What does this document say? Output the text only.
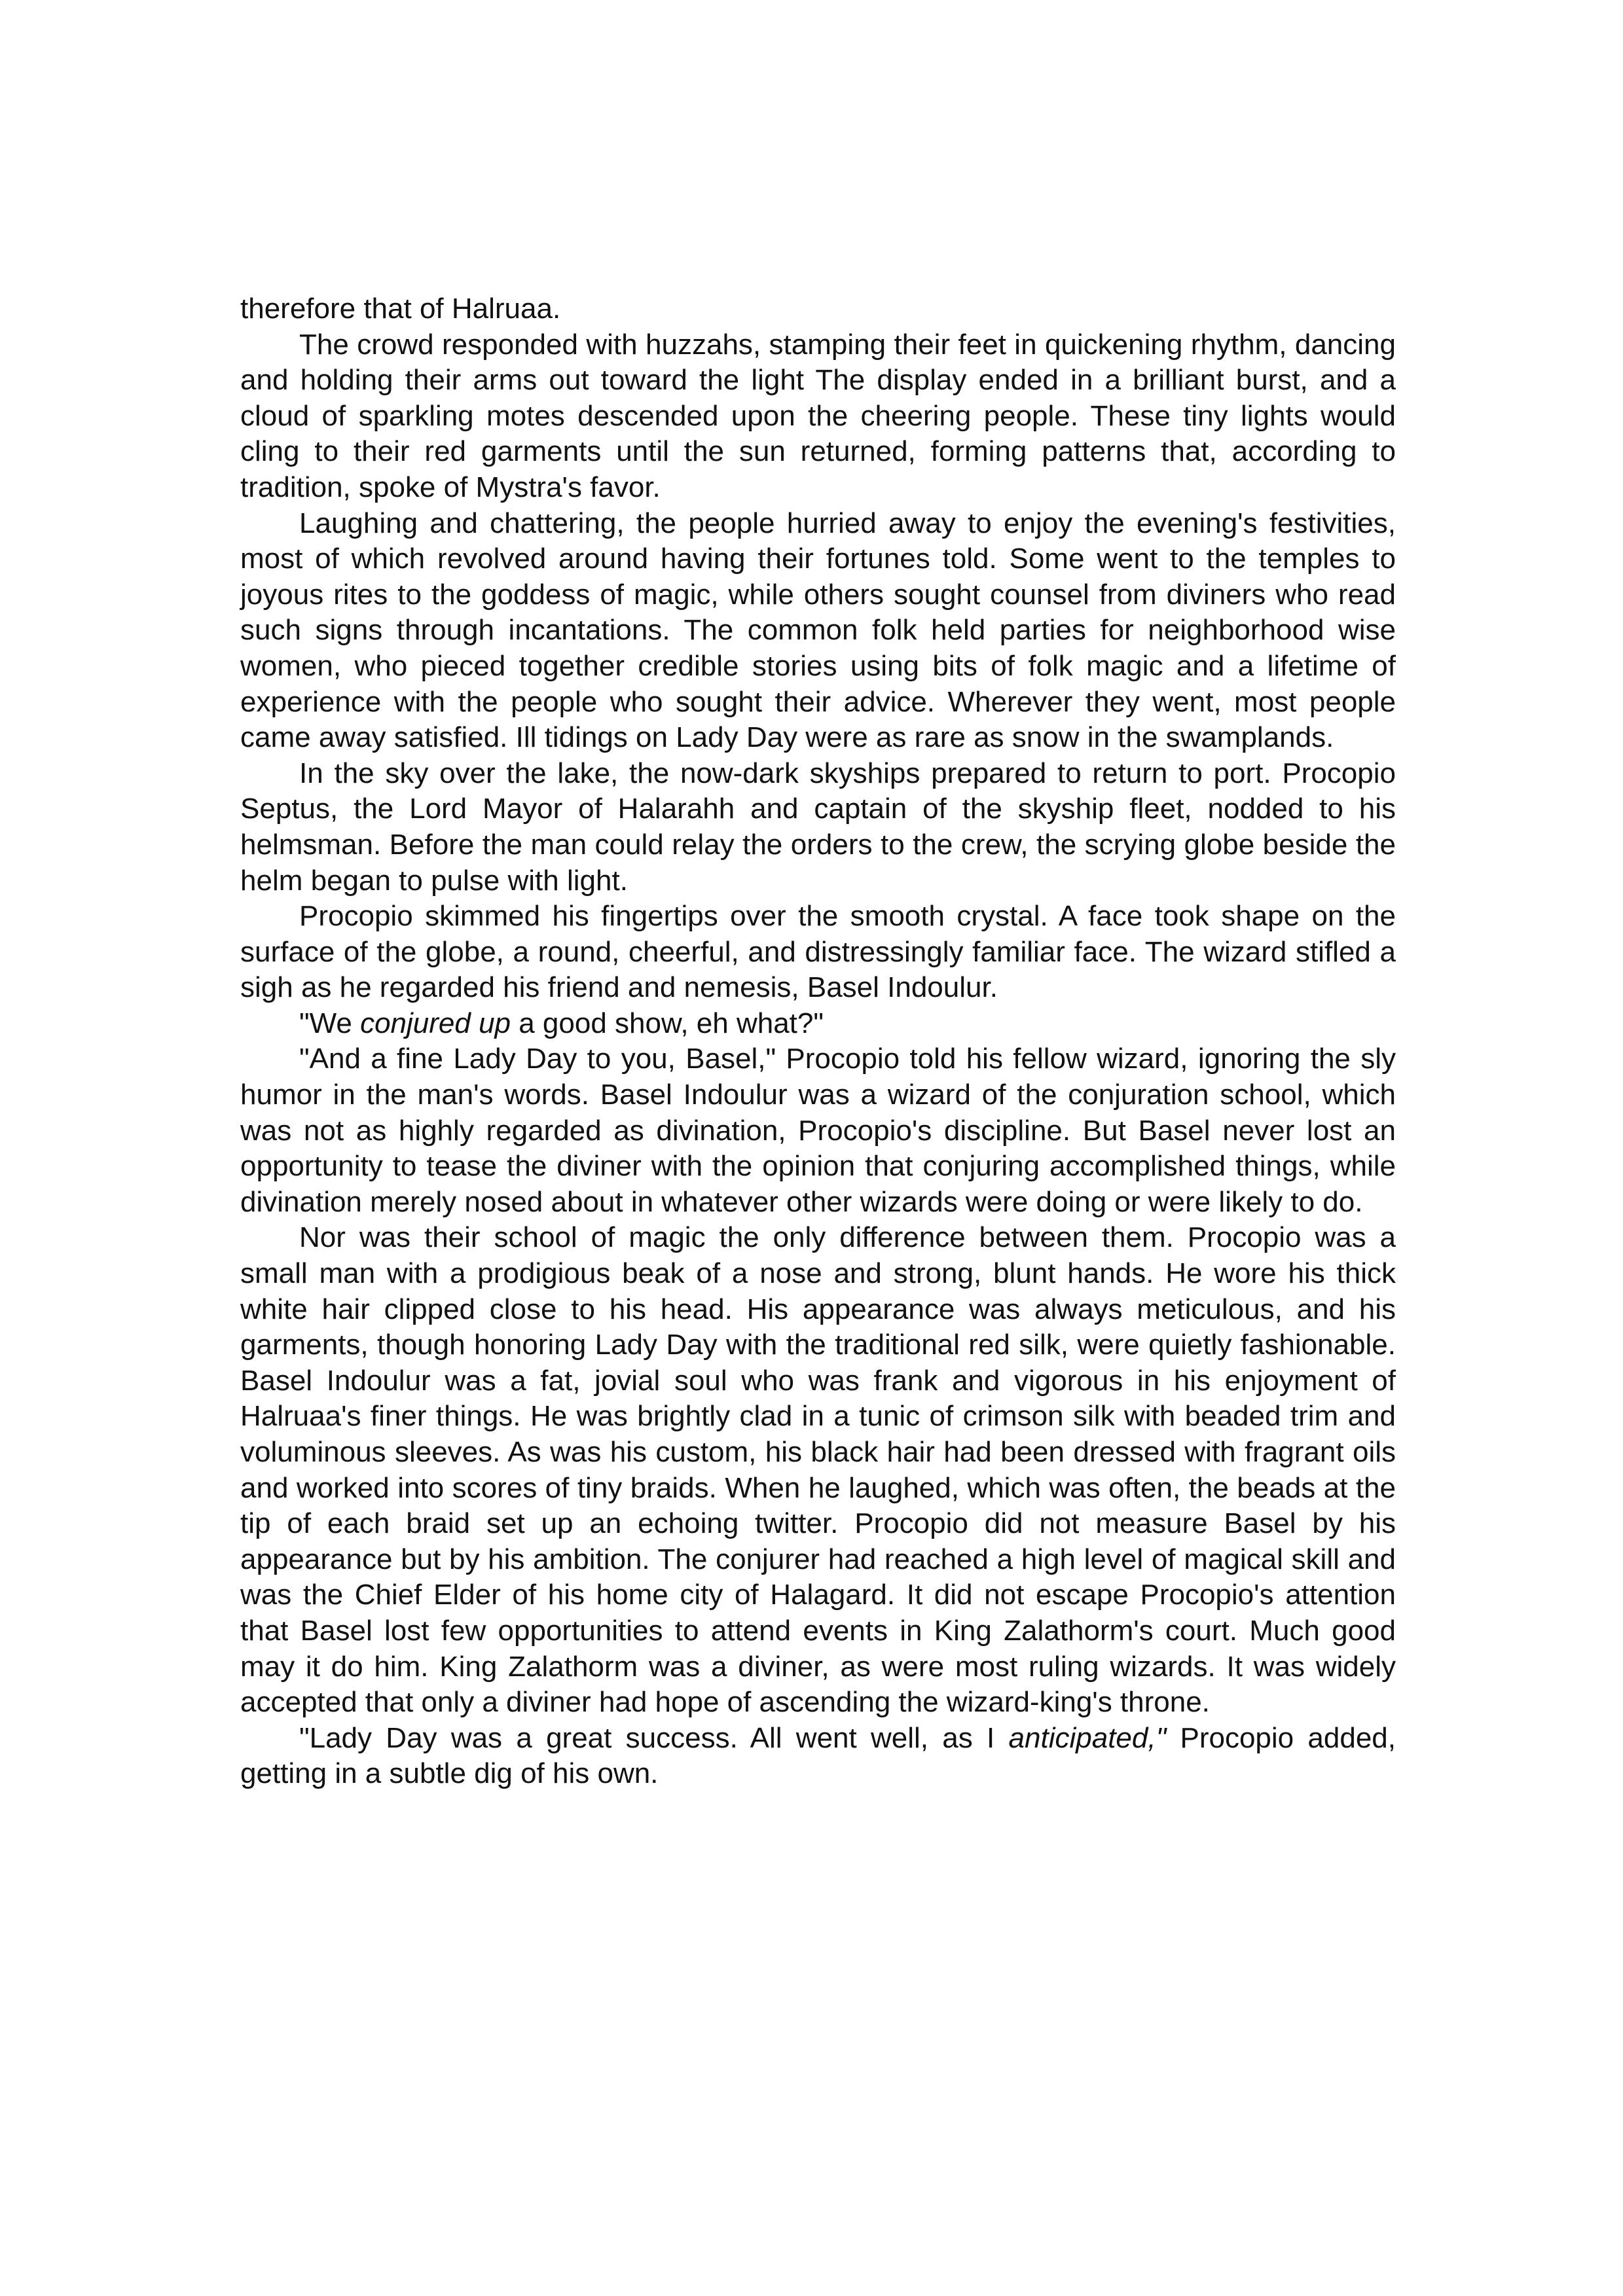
therefore that of Halruaa.

The crowd responded with huzzahs, stamping their feet in quickening rhythm, dancing and holding their arms out toward the light The display ended in a brilliant burst, and a cloud of sparkling motes descended upon the cheering people. These tiny lights would cling to their red garments until the sun returned, forming patterns that, according to tradition, spoke of Mystra's favor.

Laughing and chattering, the people hurried away to enjoy the evening's festivities, most of which revolved around having their fortunes told. Some went to the temples to joyous rites to the goddess of magic, while others sought counsel from diviners who read such signs through incantations. The common folk held parties for neighborhood wise women, who pieced together credible stories using bits of folk magic and a lifetime of experience with the people who sought their advice. Wherever they went, most people came away satisfied. Ill tidings on Lady Day were as rare as snow in the swamplands.

In the sky over the lake, the now-dark skyships prepared to return to port. Procopio Septus, the Lord Mayor of Halarahh and captain of the skyship fleet, nodded to his helmsman. Before the man could relay the orders to the crew, the scrying globe beside the helm began to pulse with light.

Procopio skimmed his fingertips over the smooth crystal. A face took shape on the surface of the globe, a round, cheerful, and distressingly familiar face. The wizard stifled a sigh as he regarded his friend and nemesis, Basel Indoulur.

"We conjured up a good show, eh what?"

"And a fine Lady Day to you, Basel," Procopio told his fellow wizard, ignoring the sly humor in the man's words. Basel Indoulur was a wizard of the conjuration school, which was not as highly regarded as divination, Procopio's discipline. But Basel never lost an opportunity to tease the diviner with the opinion that conjuring accomplished things, while divination merely nosed about in whatever other wizards were doing or were likely to do.

Nor was their school of magic the only difference between them. Procopio was a small man with a prodigious beak of a nose and strong, blunt hands. He wore his thick white hair clipped close to his head. His appearance was always meticulous, and his garments, though honoring Lady Day with the traditional red silk, were quietly fashionable. Basel Indoulur was a fat, jovial soul who was frank and vigorous in his enjoyment of Halruaa's finer things. He was brightly clad in a tunic of crimson silk with beaded trim and voluminous sleeves. As was his custom, his black hair had been dressed with fragrant oils and worked into scores of tiny braids. When he laughed, which was often, the beads at the tip of each braid set up an echoing twitter. Procopio did not measure Basel by his appearance but by his ambition. The conjurer had reached a high level of magical skill and was the Chief Elder of his home city of Halagard. It did not escape Procopio's attention that Basel lost few opportunities to attend events in King Zalathorm's court. Much good may it do him. King Zalathorm was a diviner, as were most ruling wizards. It was widely accepted that only a diviner had hope of ascending the wizard-king's throne.

"Lady Day was a great success. All went well, as I anticipated," Procopio added, getting in a subtle dig of his own.
